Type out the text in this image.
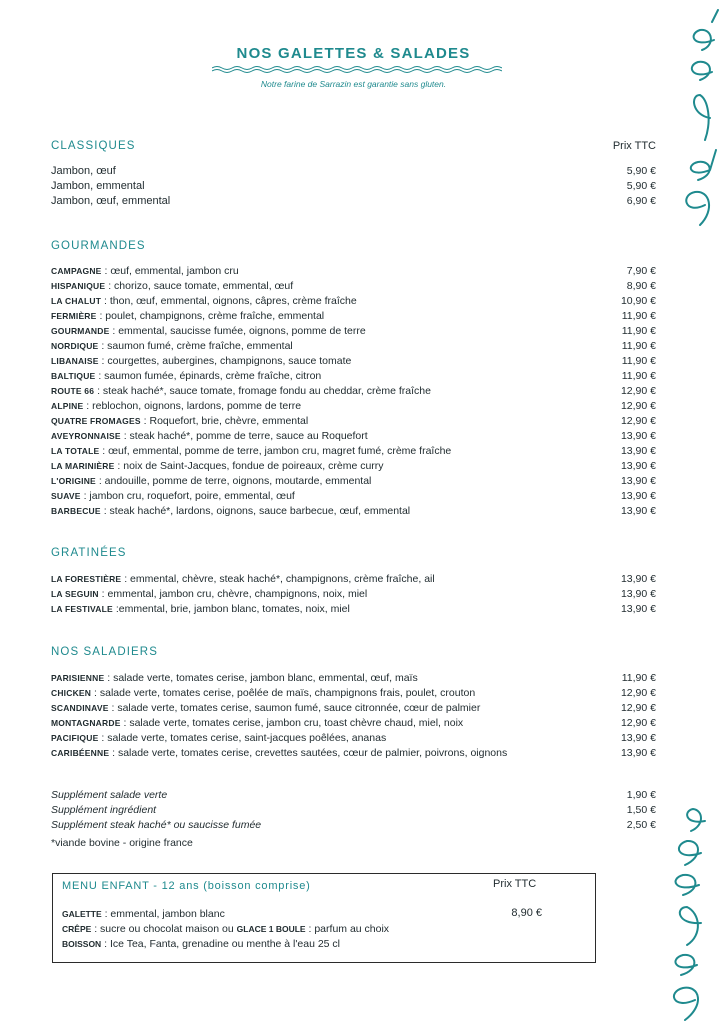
NOS GALETTES & SALADES
Notre farine de Sarrazin est garantie sans gluten.
CLASSIQUES	Prix TTC
Jambon, œuf	5,90 €
Jambon, emmental	5,90 €
Jambon, œuf, emmental	6,90 €
GOURMANDES
CAMPAGNE : œuf, emmental, jambon cru	7,90 €
HISPANIQUE : chorizo, sauce tomate, emmental, œuf	8,90 €
LA CHALUT : thon, œuf, emmental, oignons, câpres, crème fraîche	10,90 €
FERMIÈRE : poulet, champignons, crème fraîche, emmental	11,90 €
GOURMANDE : emmental, saucisse fumée, oignons, pomme de terre	11,90 €
NORDIQUE : saumon fumé, crème fraîche, emmental	11,90 €
LIBANAISE : courgettes, aubergines, champignons, sauce tomate	11,90 €
BALTIQUE : saumon fumée, épinards, crème fraîche, citron	11,90 €
ROUTE 66 : steak haché*, sauce tomate, fromage fondu au cheddar, crème fraîche	12,90 €
ALPINE : reblochon, oignons, lardons, pomme de terre	12,90 €
QUATRE FROMAGES : Roquefort, brie, chèvre, emmental	12,90 €
AVEYRONNAISE : steak haché*, pomme de terre, sauce au Roquefort	13,90 €
LA TOTALE : œuf, emmental, pomme de terre, jambon cru, magret fumé, crème fraîche	13,90 €
LA MARINIÈRE : noix de Saint-Jacques, fondue de poireaux, crème curry	13,90 €
L'ORIGINE : andouille, pomme de terre, oignons, moutarde, emmental	13,90 €
SUAVE : jambon cru, roquefort, poire, emmental, œuf	13,90 €
BARBECUE : steak haché*, lardons, oignons, sauce barbecue, œuf, emmental	13,90 €
GRATINÉES
LA FORESTIÈRE : emmental, chèvre, steak haché*, champignons, crème fraîche, ail	13,90 €
LA SEGUIN : emmental, jambon cru, chèvre, champignons, noix, miel	13,90 €
LA FESTIVALE :emmental, brie, jambon blanc, tomates, noix, miel	13,90 €
NOS SALADIERS
PARISIENNE : salade verte, tomates cerise, jambon blanc, emmental, œuf, maïs	11,90 €
CHICKEN : salade verte, tomates cerise, poêlée de maïs, champignons frais, poulet, crouton	12,90 €
SCANDINAVE : salade verte, tomates cerise, saumon fumé, sauce citronnée, cœur de palmier	12,90 €
MONTAGNARDE : salade verte, tomates cerise, jambon cru, toast chèvre chaud, miel, noix	12,90 €
PACIFIQUE : salade verte, tomates cerise, saint-jacques poêlées, ananas	13,90 €
CARIBÉENNE : salade verte, tomates cerise, crevettes sautées, cœur de palmier, poivrons, oignons	13,90 €
Supplément salade verte	1,90 €
Supplément ingrédient	1,50 €
Supplément steak haché* ou saucisse fumée	2,50 €
*viande bovine - origine france
MENU ENFANT - 12 ans (boisson comprise)	Prix TTC
8,90 €
GALETTE : emmental, jambon blanc
CRÊPE : sucre ou chocolat maison ou GLACE 1 BOULE : parfum au choix
BOISSON : Ice Tea, Fanta, grenadine ou menthe à l'eau 25 cl
